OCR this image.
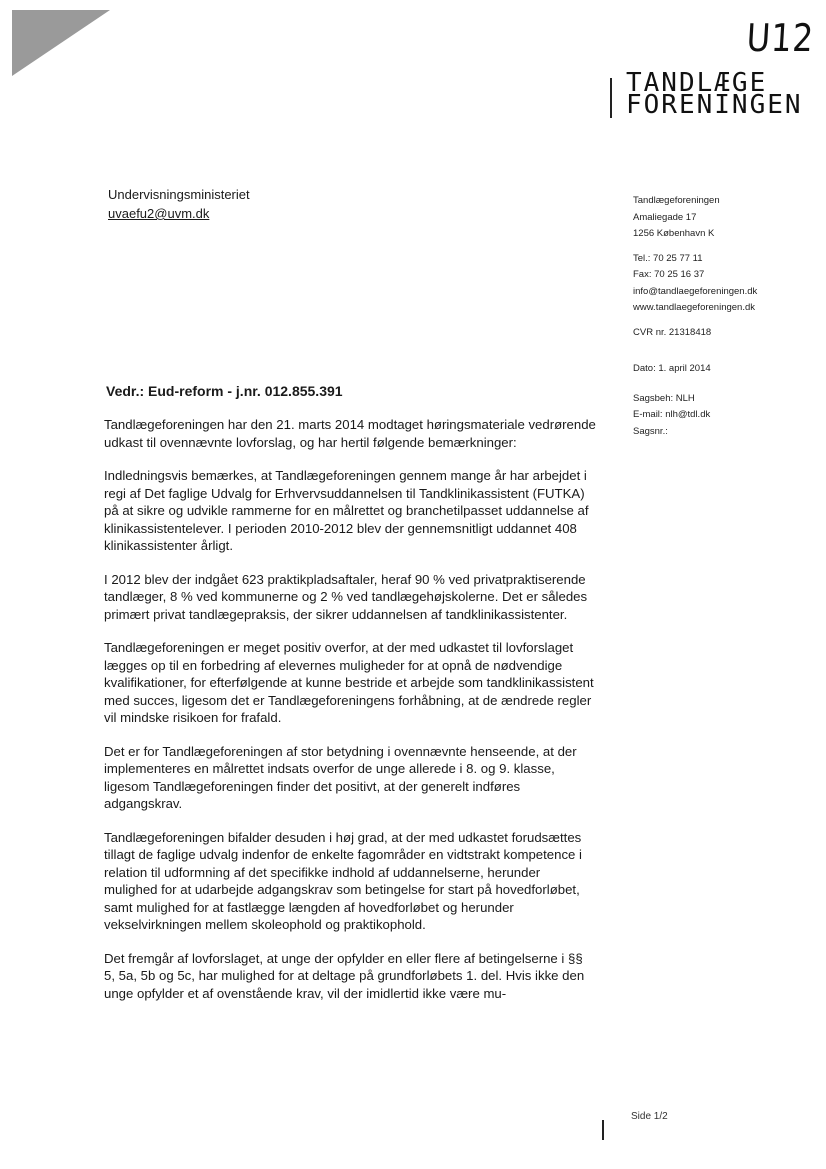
U12
TANDLÆGE
FORENINGEN
Undervisningsministeriet
uvaefu2@uvm.dk
Tandlægeforeningen
Amaliegade 17
1256 København K
Tel.: 70 25 77 11
Fax: 70 25 16 37
info@tandlaegeforeningen.dk
www.tandlaegeforeningen.dk
CVR nr. 21318418
Dato: 1. april 2014
Sagsbeh: NLH
E-mail: nlh@tdl.dk
Sagsnr.:
Vedr.: Eud-reform - j.nr. 012.855.391

Tandlægeforeningen har den 21. marts 2014 modtaget høringsmateriale vedrørende udkast til ovennævnte lovforslag, og har hertil følgende bemærkninger:

Indledningsvis bemærkes, at Tandlægeforeningen gennem mange år har arbejdet i regi af Det faglige Udvalg for Erhvervsuddannelsen til Tandklinikassistent (FUTKA) på at sikre og udvikle rammerne for en målrettet og branchetilpasset uddannelse af klinikassistentelever. I perioden 2010-2012 blev der gennemsnitligt uddannet 408 klinikassistenter årligt.

I 2012 blev der indgået 623 praktikpladsaftaler, heraf 90 % ved privatpraktiserende tandlæger, 8 % ved kommunerne og 2 % ved tandlægehøjskolerne. Det er således primært privat tandlægepraksis, der sikrer uddannelsen af tandklinikassistenter.

Tandlægeforeningen er meget positiv overfor, at der med udkastet til lovforslaget lægges op til en forbedring af elevernes muligheder for at opnå de nødvendige kvalifikationer, for efterfølgende at kunne bestride et arbejde som tandklinikassistent med succes, ligesom det er Tandlægeforeningens forhåbning, at de ændrede regler vil mindske risikoen for frafald.

Det er for Tandlægeforeningen af stor betydning i ovennævnte henseende, at der implementeres en målrettet indsats overfor de unge allerede i 8. og 9. klasse, ligesom Tandlægeforeningen finder det positivt, at der generelt indføres adgangskrav.

Tandlægeforeningen bifalder desuden i høj grad, at der med udkastet forudsættes tillagt de faglige udvalg indenfor de enkelte fagområder en vidtstrakt kompetence i relation til udformning af det specifikke indhold af uddannelserne, herunder mulighed for at udarbejde adgangskrav som betingelse for start på hovedforløbet, samt mulighed for at fastlægge længden af hovedforløbet og herunder vekselvirkningen mellem skoleophold og praktikophold.

Det fremgår af lovforslaget, at unge der opfylder en eller flere af betingelserne i §§ 5, 5a, 5b og 5c, har mulighed for at deltage på grundforløbets 1. del. Hvis ikke den unge opfylder et af ovenstående krav, vil der imidlertid ikke være mu-

Side 1/2
